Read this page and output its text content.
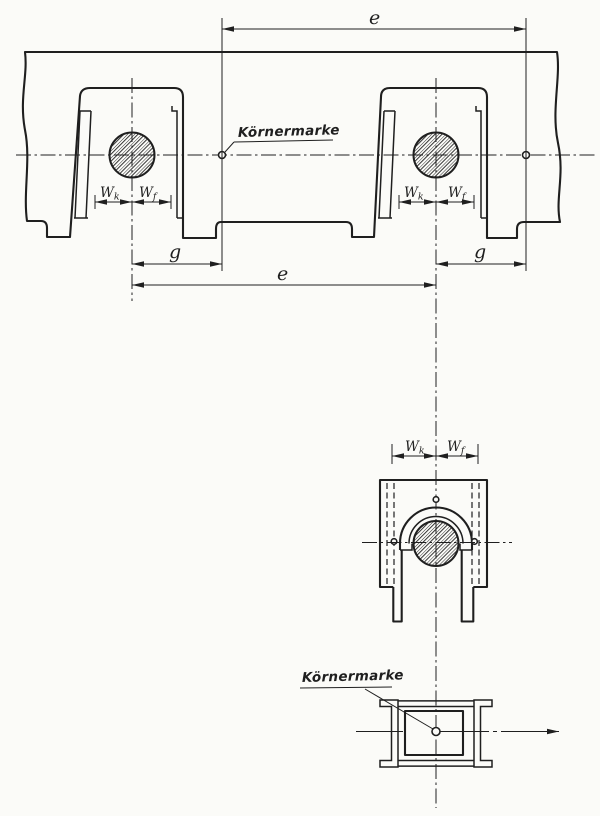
e
Wk Wf	Wk Wf
g	g
e
Körnermarke
Wk Wf
Körnermarke
